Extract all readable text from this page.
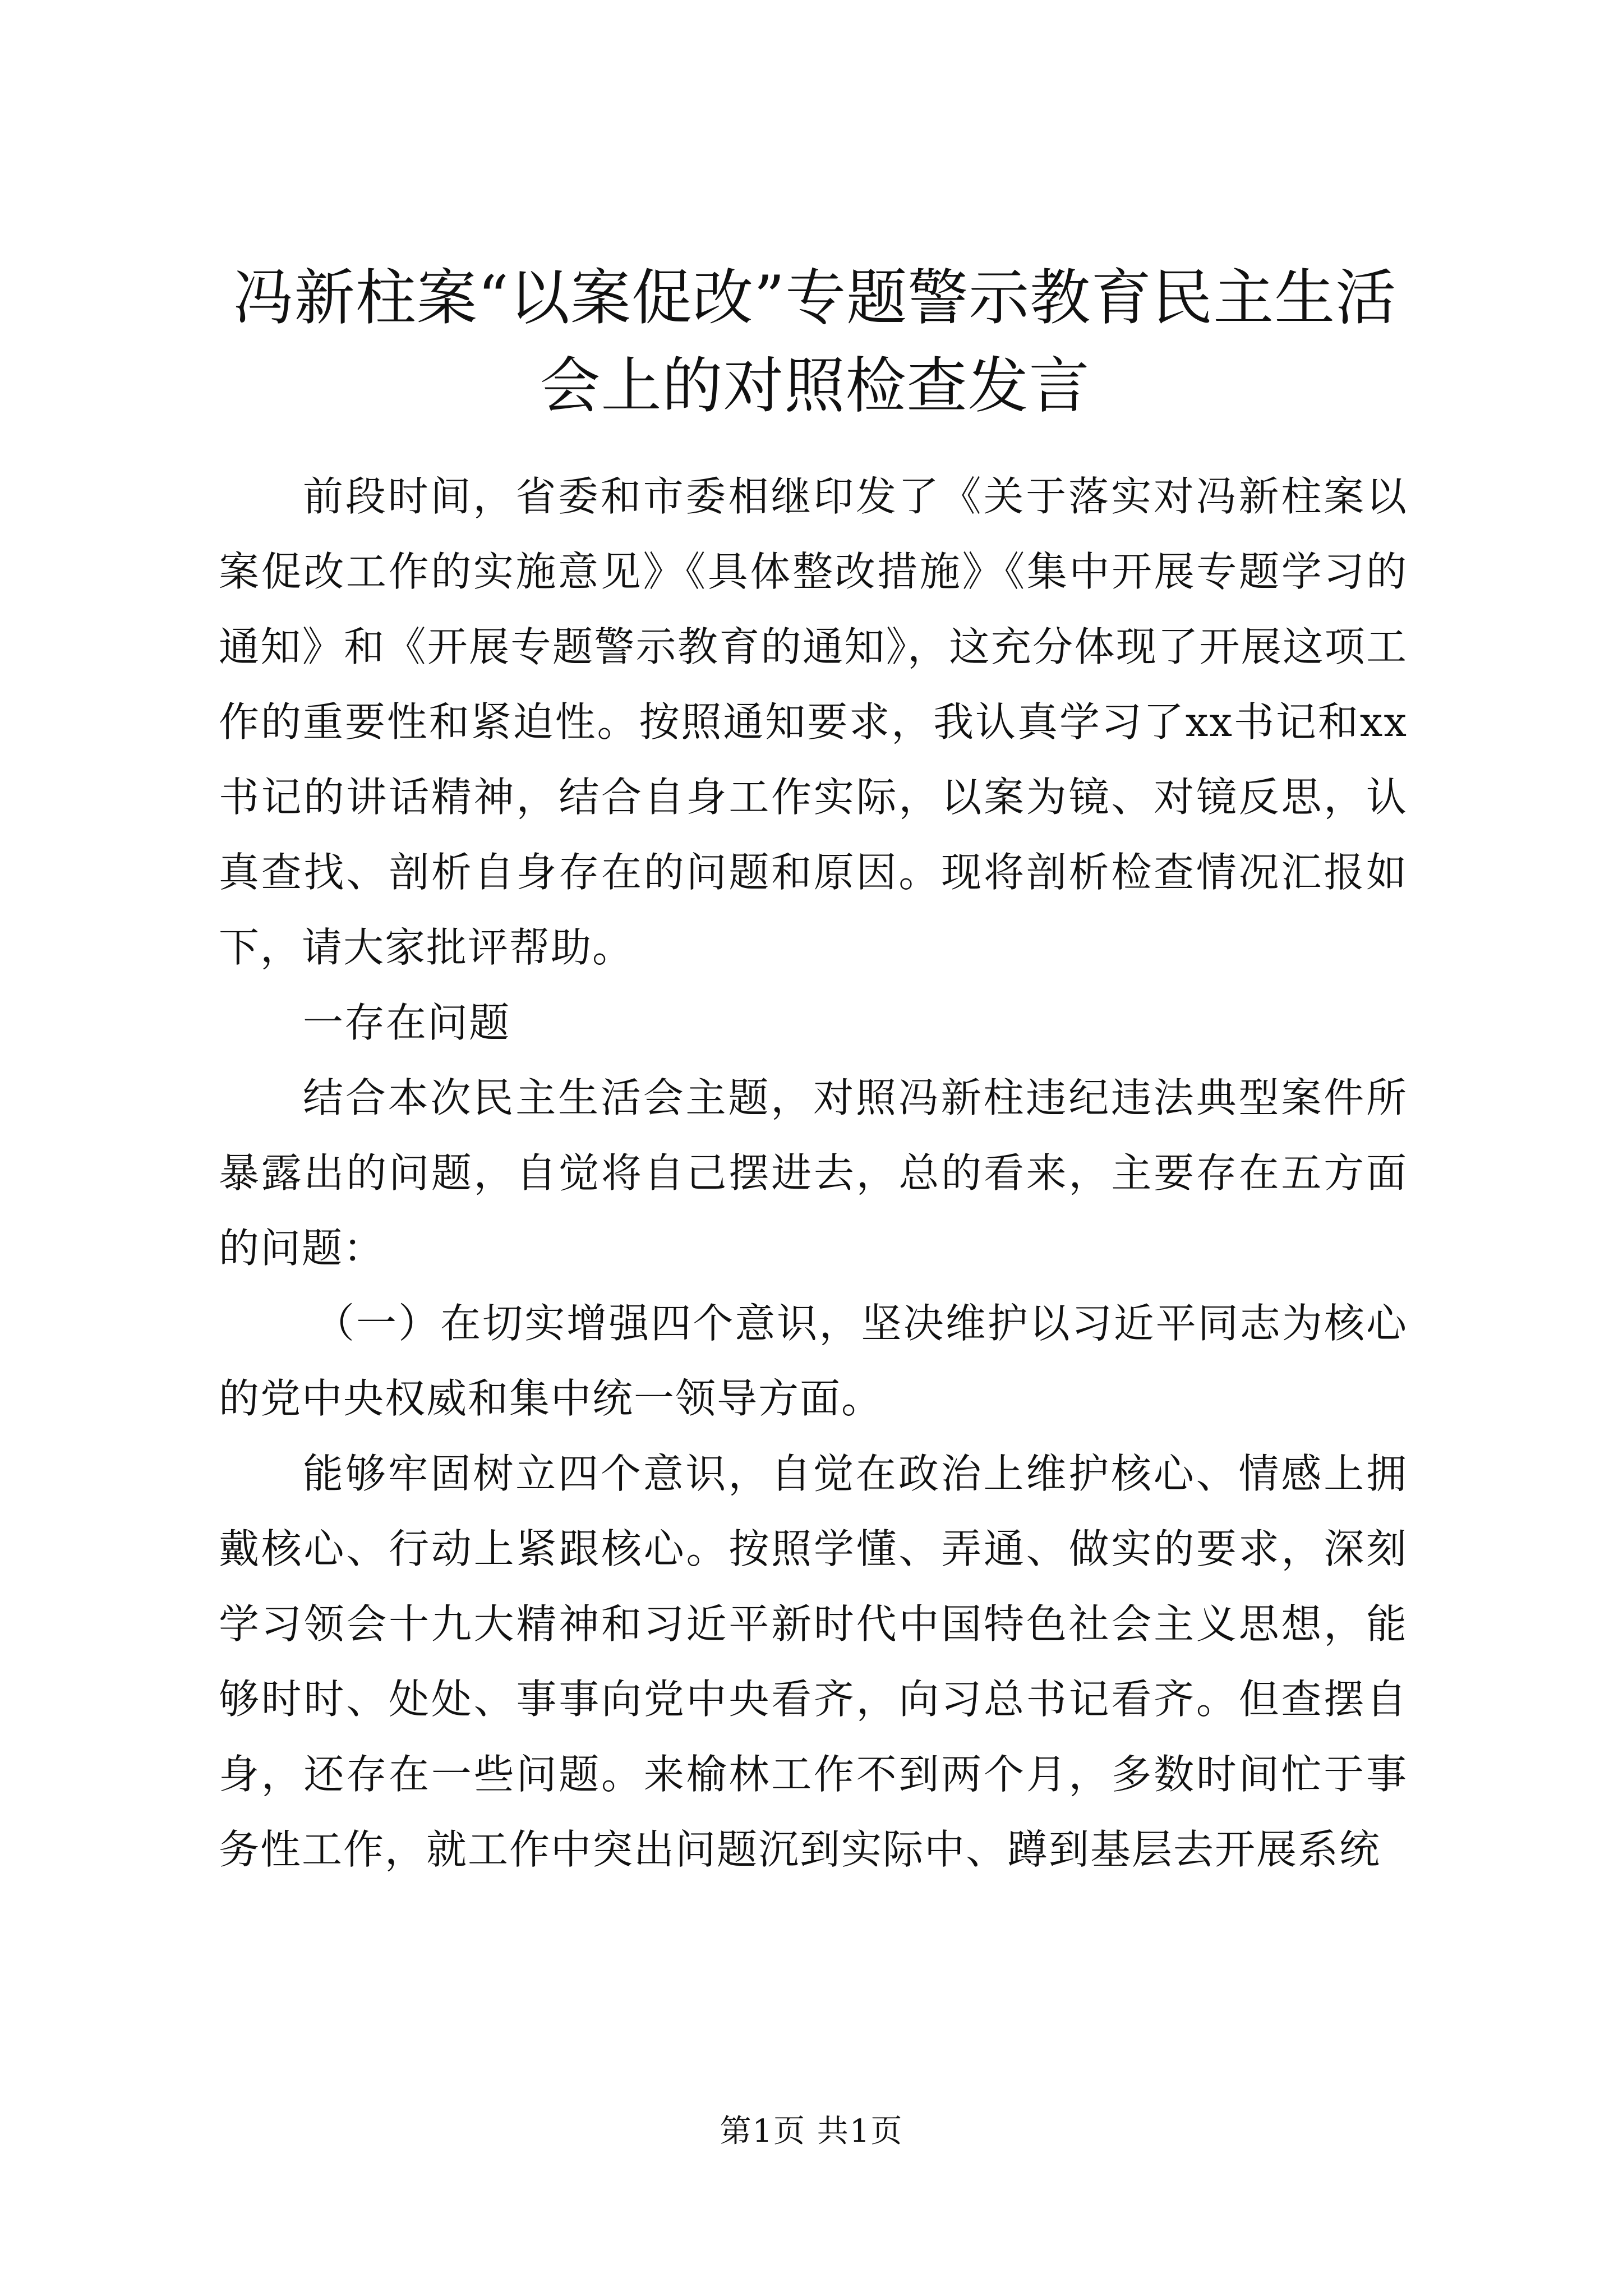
冯新柱案“以案促改”专题警示教育民主生活会上的对照检查发言

前段时间，省委和市委相继印发了《关于落实对冯新柱案以案促改工作的实施意见》《具体整改措施》《集中开展专题学习的通知》和《开展专题警示教育的通知》，这充分体现了开展这项工作的重要性和紧迫性。按照通知要求，我认真学习了xx书记和xx书记的讲话精神，结合自身工作实际，以案为镜、对镜反思，认真查找、剖析自身存在的问题和原因。现将剖析检查情况汇报如下，请大家批评帮助。

一存在问题

结合本次民主生活会主题，对照冯新柱违纪违法典型案件所暴露出的问题，自觉将自己摆进去，总的看来，主要存在五方面的问题：

（一）在切实增强四个意识，坚决维护以习近平同志为核心的党中央权威和集中统一领导方面。

能够牢固树立四个意识，自觉在政治上维护核心、情感上拥戴核心、行动上紧跟核心。按照学懂、弄通、做实的要求，深刻学习领会十九大精神和习近平新时代中国特色社会主义思想，能够时时、处处、事事向党中央看齐，向习总书记看齐。但查摆自身，还存在一些问题。来榆林工作不到两个月，多数时间忙于事务性工作，就工作中突出问题沉到实际中、蹲到基层去开展系统

第1页 共1页
